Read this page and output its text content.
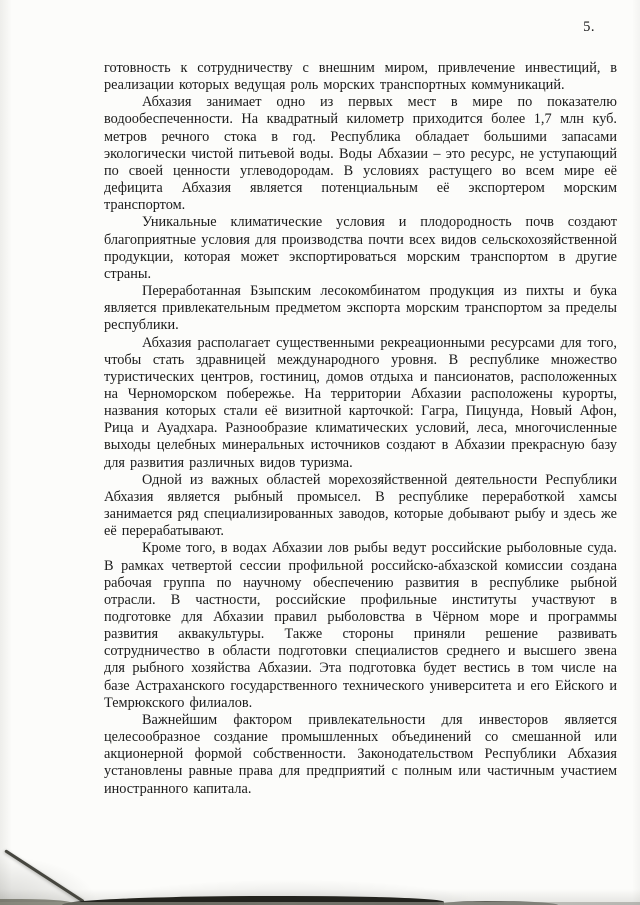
5.

готовность к сотрудничеству с внешним миром, привлечение инвестиций, в реализации которых ведущая роль морских транспортных коммуникаций.

Абхазия занимает одно из первых мест в мире по показателю водообеспеченности. На квадратный километр приходится более 1,7 млн куб. метров речного стока в год. Республика обладает большими запасами экологически чистой питьевой воды. Воды Абхазии – это ресурс, не уступающий по своей ценности углеводородам. В условиях растущего во всем мире её дефицита Абхазия является потенциальным её экспортером морским транспортом.

Уникальные климатические условия и плодородность почв создают благоприятные условия для производства почти всех видов сельскохозяйственной продукции, которая может экспортироваться морским транспортом в другие страны.

Переработанная Бзыпским лесокомбинатом продукция из пихты и бука является привлекательным предметом экспорта морским транспортом за пределы республики.

Абхазия располагает существенными рекреационными ресурсами для того, чтобы стать здравницей международного уровня. В республике множество туристических центров, гостиниц, домов отдыха и пансионатов, расположенных на Черноморском побережье. На территории Абхазии расположены курорты, названия которых стали её визитной карточкой: Гагра, Пицунда, Новый Афон, Рица и Ауадхара. Разнообразие климатических условий, леса, многочисленные выходы целебных минеральных источников создают в Абхазии прекрасную базу для развития различных видов туризма.

Одной из важных областей морехозяйственной деятельности Республики Абхазия является рыбный промысел. В республике переработкой хамсы занимается ряд специализированных заводов, которые добывают рыбу и здесь же её перерабатывают.

Кроме того, в водах Абхазии лов рыбы ведут российские рыболовные суда. В рамках четвертой сессии профильной российско-абхазской комиссии создана рабочая группа по научному обеспечению развития в республике рыбной отрасли. В частности, российские профильные институты участвуют в подготовке для Абхазии правил рыболовства в Чёрном море и программы развития аквакультуры. Также стороны приняли решение развивать сотрудничество в области подготовки специалистов среднего и высшего звена для рыбного хозяйства Абхазии. Эта подготовка будет вестись в том числе на базе Астраханского государственного технического университета и его Ейского и Темрюкского филиалов.

Важнейшим фактором привлекательности для инвесторов является целесообразное создание промышленных объединений со смешанной или акционерной формой собственности. Законодательством Республики Абхазия установлены равные права для предприятий с полным или частичным участием иностранного капитала.
